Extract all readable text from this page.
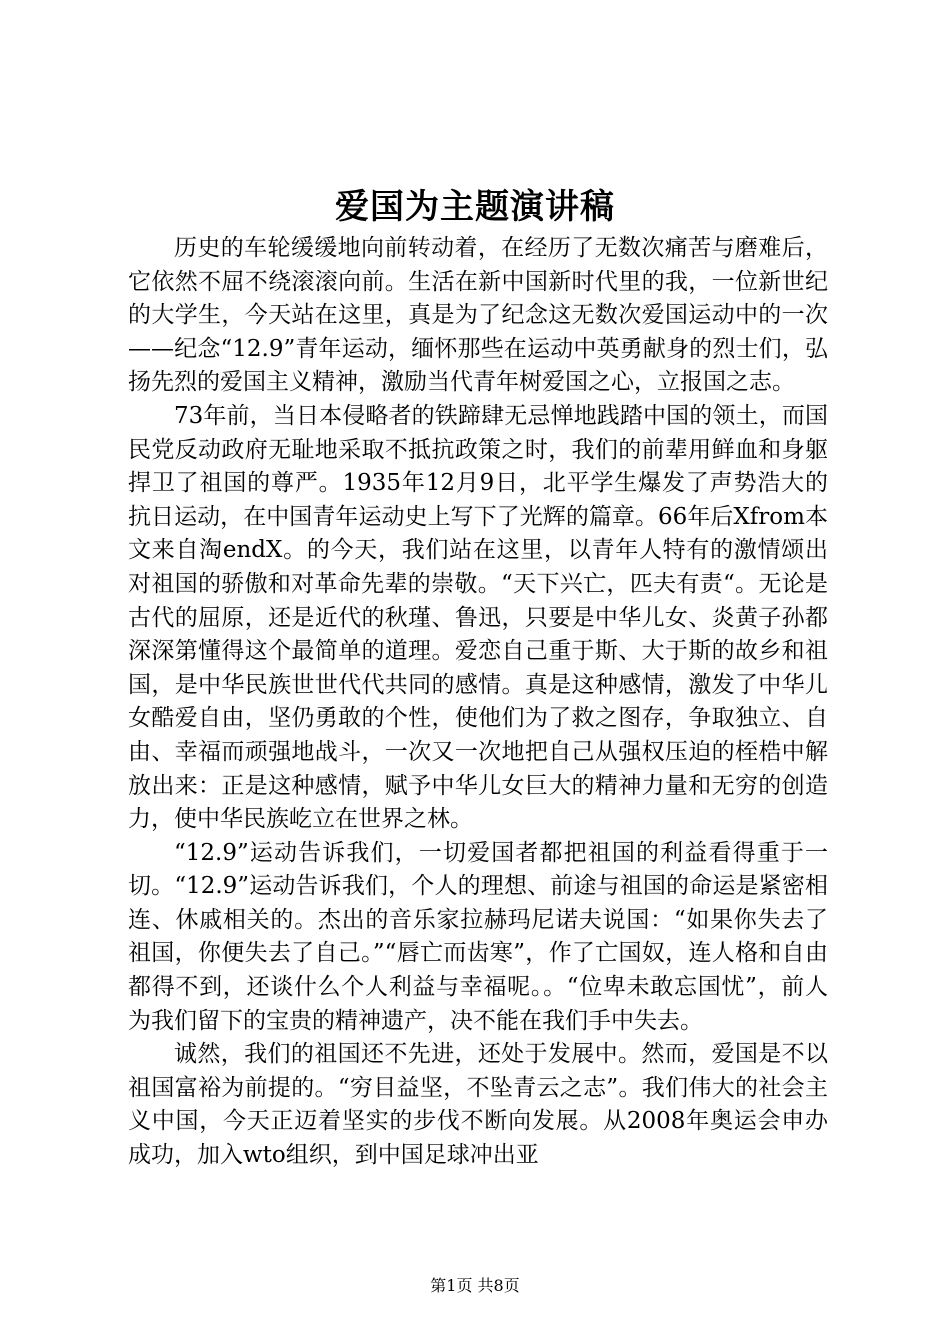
爱国为主题演讲稿

历史的车轮缓缓地向前转动着，在经历了无数次痛苦与磨难后，它依然不屈不绕滚滚向前。生活在新中国新时代里的我，一位新世纪的大学生，今天站在这里，真是为了纪念这无数次爱国运动中的一次——纪念“12.9”青年运动，缅怀那些在运动中英勇献身的烈士们，弘扬先烈的爱国主义精神，激励当代青年树爱国之心，立报国之志。

73年前，当日本侵略者的铁蹄肆无忌惮地践踏中国的领土，而国民党反动政府无耻地采取不抵抗政策之时，我们的前辈用鲜血和身躯捍卫了祖国的尊严。1935年12月9日，北平学生爆发了声势浩大的抗日运动，在中国青年运动史上写下了光辉的篇章。66年后Xfrom本文来自淘endX。的今天，我们站在这里，以青年人特有的激情颂出对祖国的骄傲和对革命先辈的崇敬。“天下兴亡，匹夫有责“。无论是古代的屈原，还是近代的秋瑾、鲁迅，只要是中华儿女、炎黄子孙都深深第懂得这个最简单的道理。爱恋自己重于斯、大于斯的故乡和祖国，是中华民族世世代代共同的感情。真是这种感情，激发了中华儿女酷爱自由，坚仍勇敢的个性，使他们为了救之图存，争取独立、自由、幸福而顽强地战斗，一次又一次地把自己从强权压迫的桎梏中解放出来：正是这种感情，赋予中华儿女巨大的精神力量和无穷的创造力，使中华民族屹立在世界之林。

“12.9”运动告诉我们，一切爱国者都把祖国的利益看得重于一切。“12.9”运动告诉我们，个人的理想、前途与祖国的命运是紧密相连、休戚相关的。杰出的音乐家拉赫玛尼诺夫说国：“如果你失去了祖国，你便失去了自己。”“唇亡而齿寒”，作了亡国奴，连人格和自由都得不到，还谈什么个人利益与幸福呢。。“位卑未敢忘国忧”，前人为我们留下的宝贵的精神遗产，决不能在我们手中失去。

诚然，我们的祖国还不先进，还处于发展中。然而，爱国是不以祖国富裕为前提的。“穷目益坚，不坠青云之志”。我们伟大的社会主义中国，今天正迈着坚实的步伐不断向发展。从2008年奥运会申办成功，加入wto组织，到中国足球冲出亚

第1页 共8页
